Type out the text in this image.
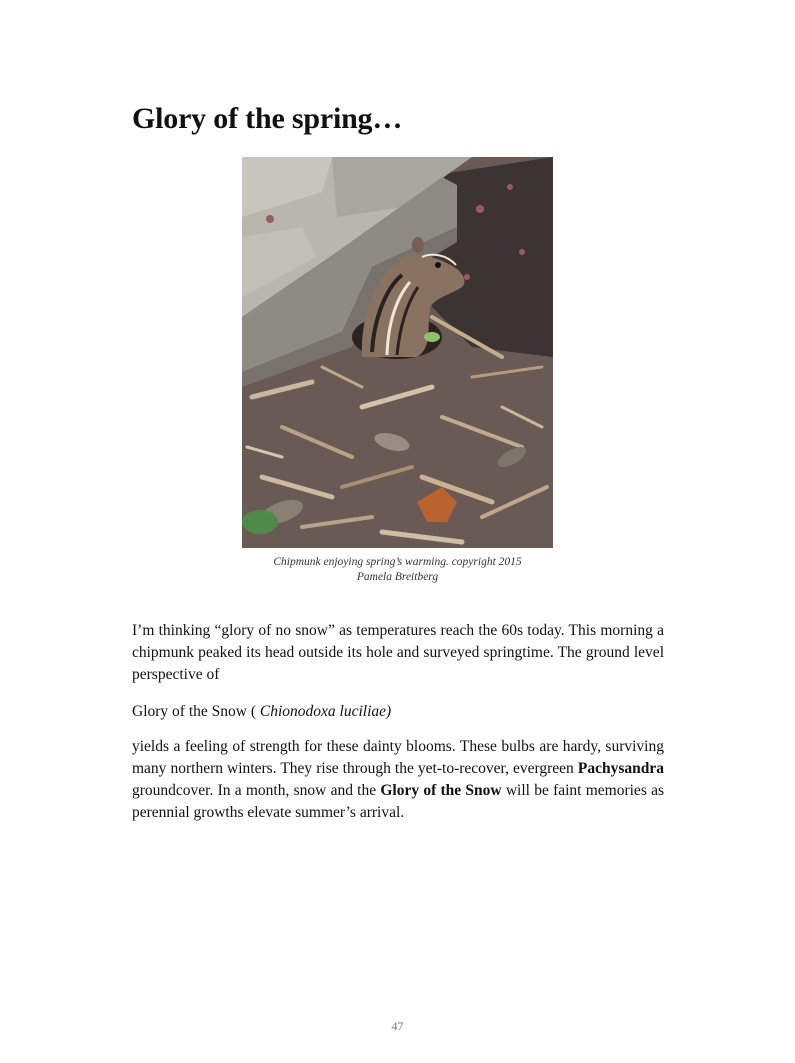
Glory of the spring…
Chipmunk enjoying spring’s warming. copyright 2015
Pamela Breitberg

I’m thinking “glory of no snow” as temperatures reach the 60s today. This morning a chipmunk peaked its head outside its hole and surveyed springtime. The ground level perspective of

Glory of the Snow ( Chionodoxa luciliae)

yields a feeling of strength for these dainty blooms. These bulbs are hardy, surviving many northern winters. They rise through the yet-to-recover, evergreen Pachysandra groundcover. In a month, snow and the Glory of the Snow will be faint memories as perennial growths elevate summer’s arrival.

47
